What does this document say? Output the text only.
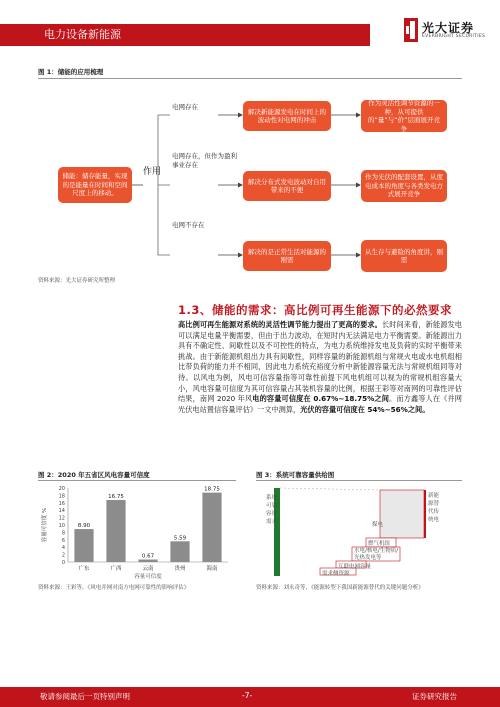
电力设备新能源	光大证券
EVERBRIGHT SECURITIES
图 1：储能的应用梳理
储能：储存能量，实现的是能量在时间和空间尺度上的移动。
作用
电网存在
电网存在，但作为盈利事业存在
电网不存在
解决新能源发电在时间上的波动性对电网的冲击
解决分布式发电波动对自用带来的不便
解决的是正常生活对能源的刚需
作为灵活性调节资源的一种，从可提供的“量”与“价”层面展开竞争
作为光伏的配套设置，从度电成本的角度与各类发电方式展开竞争
从生存与避险的角度讲，刚需
资料来源：光大证券研究所整理
1.3、 储能的需求：高比例可再生能源下的必然要求
高比例可再生能源对系统的灵活性调节能力提出了更高的要求。长时间来看，新能源发电可以满足电量平衡需要，但由于出力波动，在短时内无法满足电力平衡需要。新能源出力具有不确定性、间歇性以及不可控性的特点，为电力系统维持发电及负荷的实时平衡带来挑战。由于新能源机组出力具有间歇性，同样容量的新能源机组与常规火电或水电机组相比带负荷的能力并不相同，因此电力系统充裕度分析中新能源容量无法与常规机组同等对待。以风电为例，风电可信容量指等可靠性前提下风电机组可以视为的常规机组容量大小，风电容量可信度为其可信容量占其装机容量的比例，根据王彩等对南网的可靠性评估结果，南网 2020 年风电的容量可信度在 0.67%~18.75%之间。而方鑫等人在《并网光伏电站置信容量评估》一文中测算，光伏的容量可信度在 54%~56%之间。
图 2：2020 年五省区风电容量可信度
0
2
4
6
8
10
12
14
16
18
20
8.90
广东
16.75
广西
0.67
云南
5.59
贵州
18.75
海南
容量可信度 %
容量可信度
资料来源：王彩等，《风电并网对南方电网可靠性的影响评估》
图 3：系统可靠容量供给图
系统可靠容量需求
新能源替代传统电
煤电
燃气机组
水电/核电/生物质/光热发电等
互联电网容量
需求侧资源
资料来源：刘永奇等，《能源转型下我国新能源替代的关键问题分析》
敬请参阅最后一页特别声明	-7-	证券研究报告
